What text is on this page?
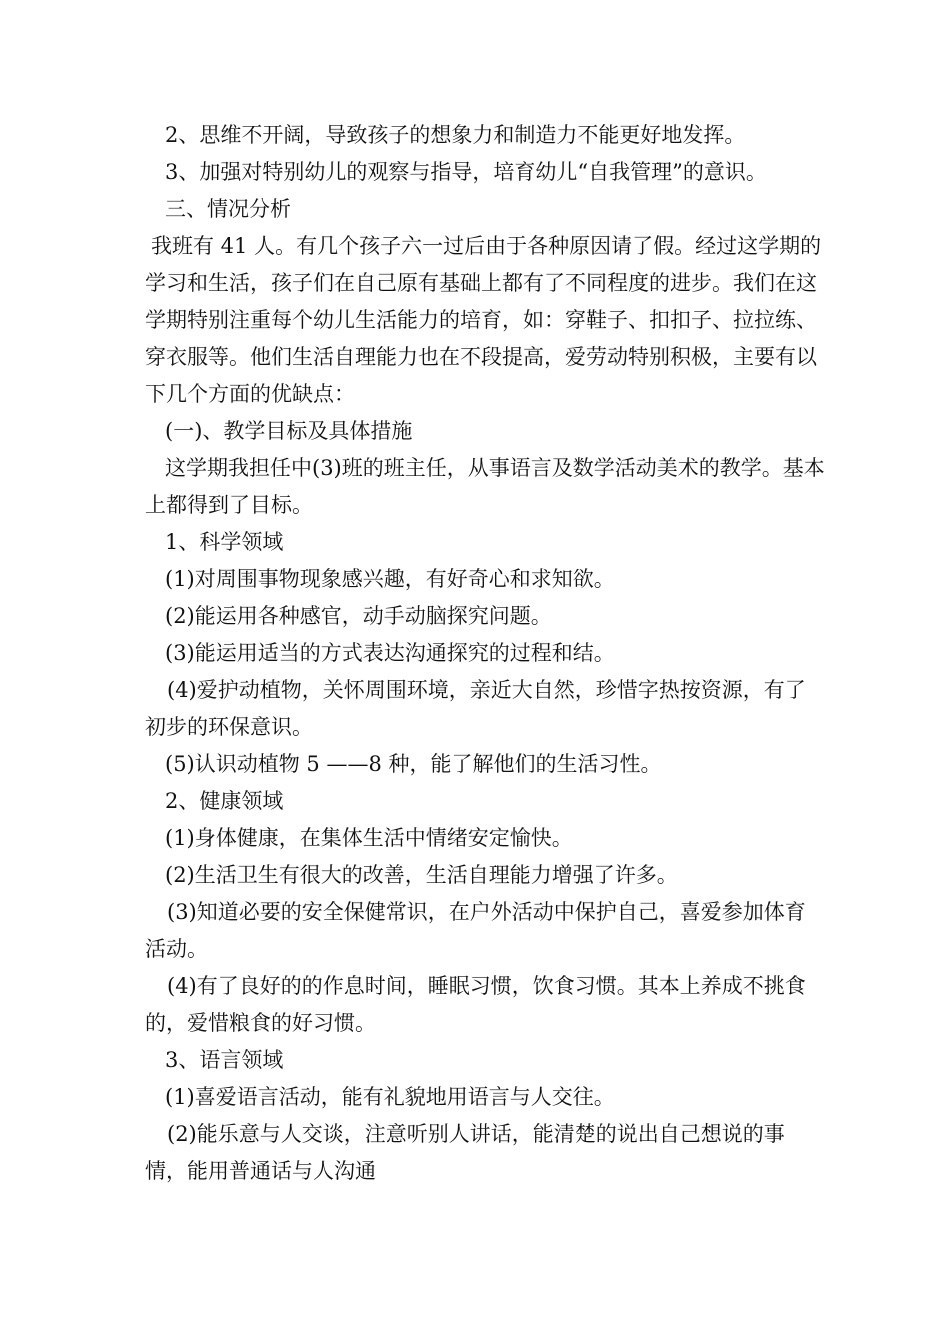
2、思维不开阔，导致孩子的想象力和制造力不能更好地发挥。

3、加强对特别幼儿的观察与指导，培育幼儿“自我管理”的意识。

三、情况分析

我班有 41 人。有几个孩子六一过后由于各种原因请了假。经过这学期的学习和生活，孩子们在自己原有基础上都有了不同程度的进步。我们在这学期特别注重每个幼儿生活能力的培育，如：穿鞋子、扣扣子、拉拉练、穿衣服等。他们生活自理能力也在不段提高，爱劳动特别积极，主要有以下几个方面的优缺点：

(一)、教学目标及具体措施

这学期我担任中(3)班的班主任，从事语言及数学活动美术的教学。基本上都得到了目标。

1、科学领域

(1)对周围事物现象感兴趣，有好奇心和求知欲。

(2)能运用各种感官，动手动脑探究问题。

(3)能运用适当的方式表达沟通探究的过程和结。

(4)爱护动植物，关怀周围环境，亲近大自然，珍惜字热按资源，有了初步的环保意识。

(5)认识动植物 5 ——8 种，能了解他们的生活习性。

2、健康领域

(1)身体健康，在集体生活中情绪安定愉快。

(2)生活卫生有很大的改善，生活自理能力增强了许多。

(3)知道必要的安全保健常识，在户外活动中保护自己，喜爱参加体育活动。

(4)有了良好的的作息时间，睡眠习惯，饮食习惯。其本上养成不挑食的，爱惜粮食的好习惯。

3、语言领域

(1)喜爱语言活动，能有礼貌地用语言与人交往。

(2)能乐意与人交谈，注意听别人讲话，能清楚的说出自己想说的事情，能用普通话与人沟通
